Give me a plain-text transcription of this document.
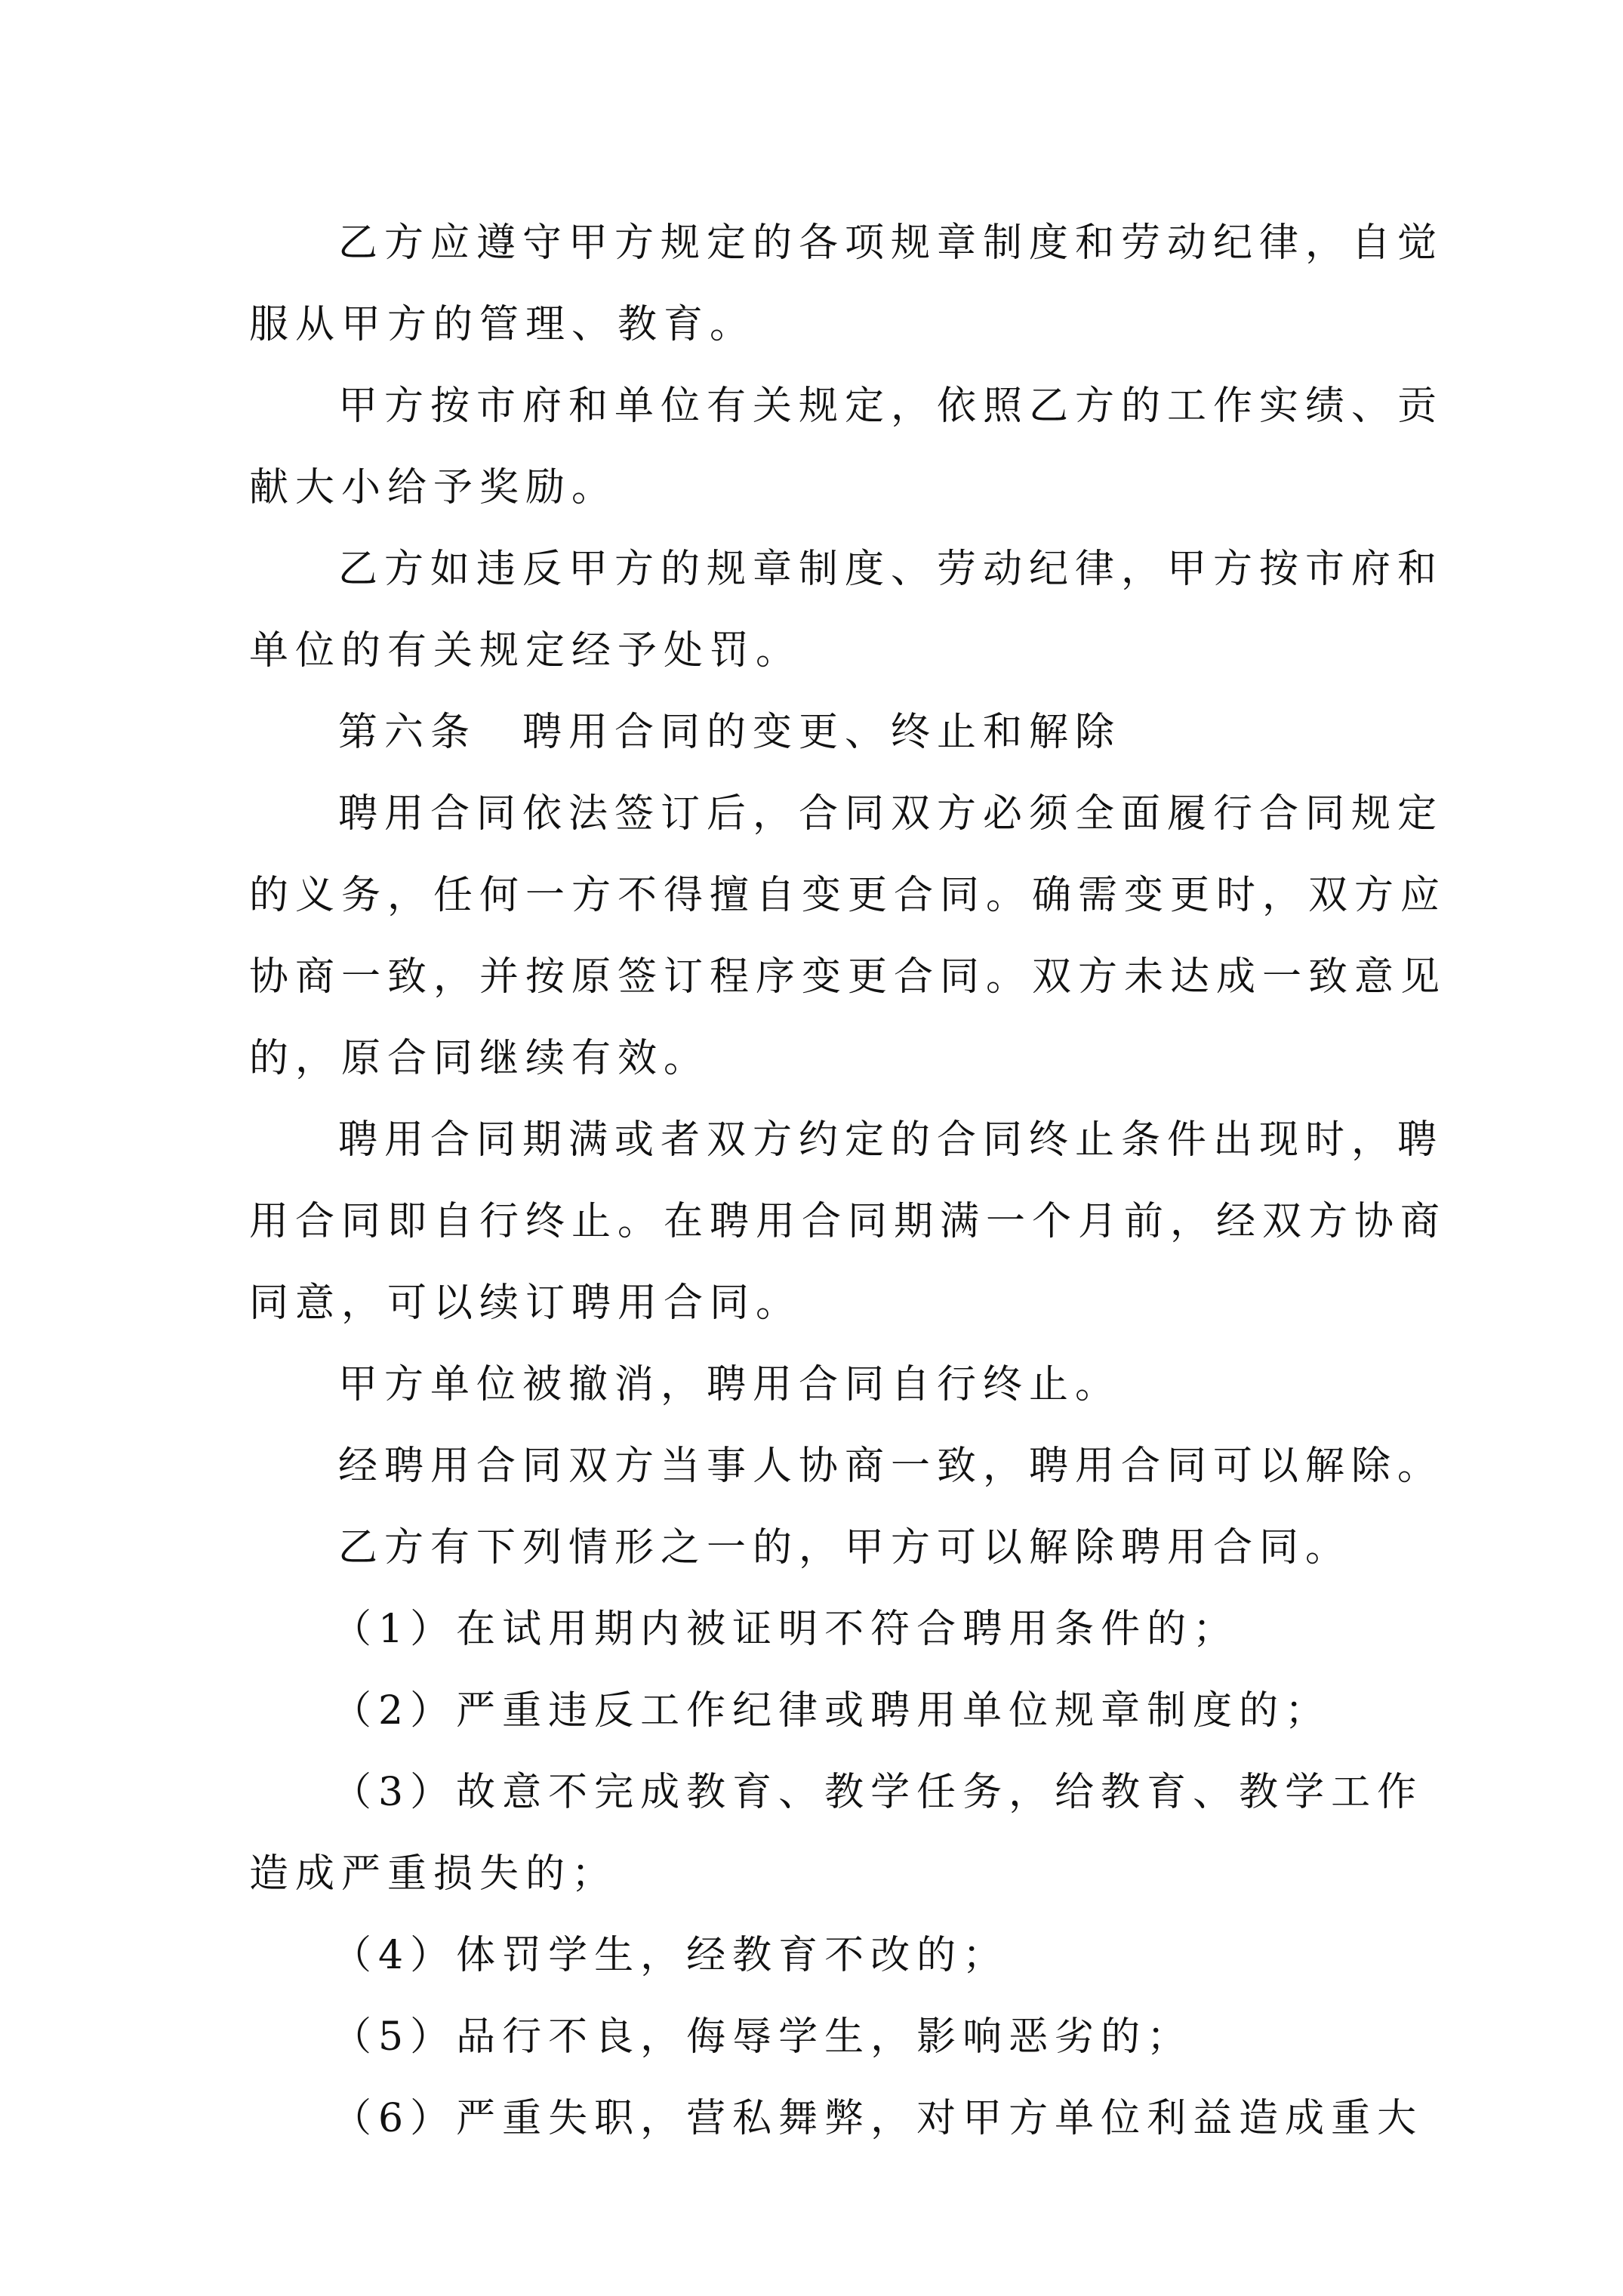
乙方应遵守甲方规定的各项规章制度和劳动纪律，自觉

服从甲方的管理、教育。

甲方按市府和单位有关规定，依照乙方的工作实绩、贡

献大小给予奖励。

乙方如违反甲方的规章制度、劳动纪律，甲方按市府和

单位的有关规定经予处罚。

第六条　聘用合同的变更、终止和解除

聘用合同依法签订后，合同双方必须全面履行合同规定

的义务，任何一方不得擅自变更合同。确需变更时，双方应

协商一致，并按原签订程序变更合同。双方未达成一致意见

的，原合同继续有效。

聘用合同期满或者双方约定的合同终止条件出现时，聘

用合同即自行终止。在聘用合同期满一个月前，经双方协商

同意，可以续订聘用合同。

甲方单位被撤消，聘用合同自行终止。

经聘用合同双方当事人协商一致，聘用合同可以解除。

乙方有下列情形之一的，甲方可以解除聘用合同。

（1）在试用期内被证明不符合聘用条件的；

（2）严重违反工作纪律或聘用单位规章制度的；

（3）故意不完成教育、教学任务，给教育、教学工作

造成严重损失的；

（4）体罚学生，经教育不改的；

（5）品行不良，侮辱学生，影响恶劣的；

（6）严重失职，营私舞弊，对甲方单位利益造成重大
